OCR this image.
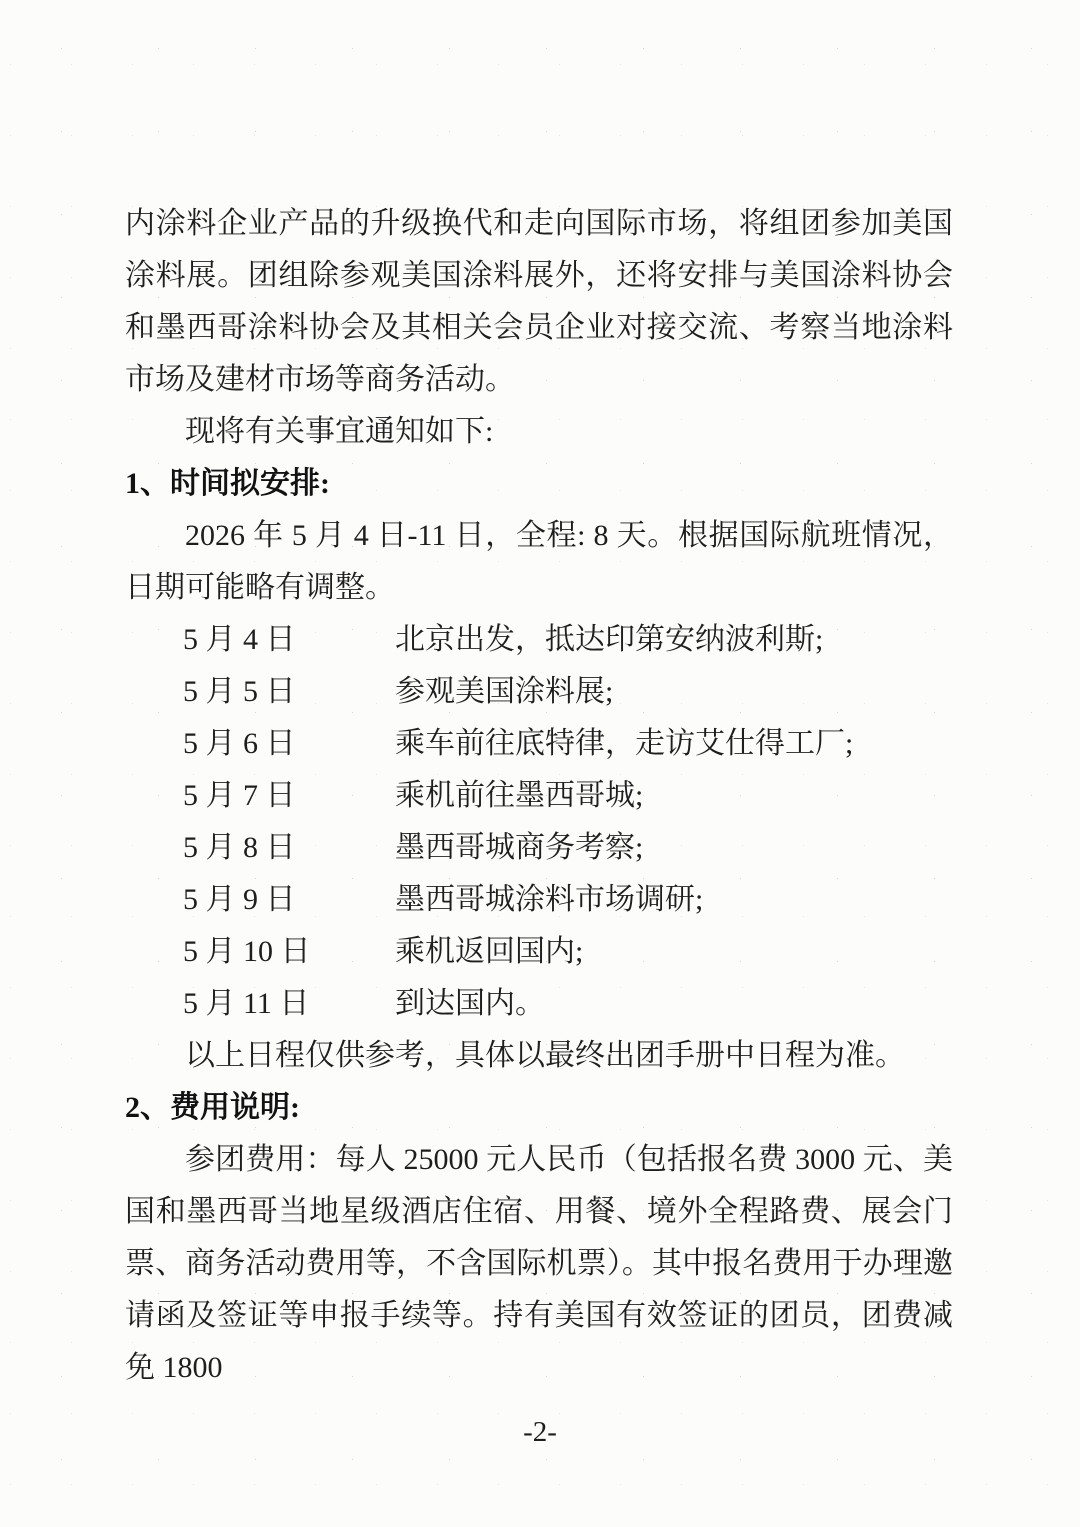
内涂料企业产品的升级换代和走向国际市场，将组团参加美国涂料展。团组除参观美国涂料展外，还将安排与美国涂料协会和墨西哥涂料协会及其相关会员企业对接交流、考察当地涂料市场及建材市场等商务活动。

现将有关事宜通知如下:

1、时间拟安排:

2026 年 5 月 4 日-11 日，全程: 8 天。根据国际航班情况，日期可能略有调整。

5 月 4 日	北京出发，抵达印第安纳波利斯;
5 月 5 日	参观美国涂料展;
5 月 6 日	乘车前往底特律，走访艾仕得工厂;
5 月 7 日	乘机前往墨西哥城;
5 月 8 日	墨西哥城商务考察;
5 月 9 日	墨西哥城涂料市场调研;
5 月 10 日	乘机返回国内;
5 月 11 日	到达国内。

以上日程仅供参考，具体以最终出团手册中日程为准。

2、费用说明:

参团费用：每人 25000 元人民币（包括报名费 3000 元、美国和墨西哥当地星级酒店住宿、用餐、境外全程路费、展会门票、商务活动费用等，不含国际机票）。其中报名费用于办理邀请函及签证等申报手续等。持有美国有效签证的团员，团费减免 1800

-2-
